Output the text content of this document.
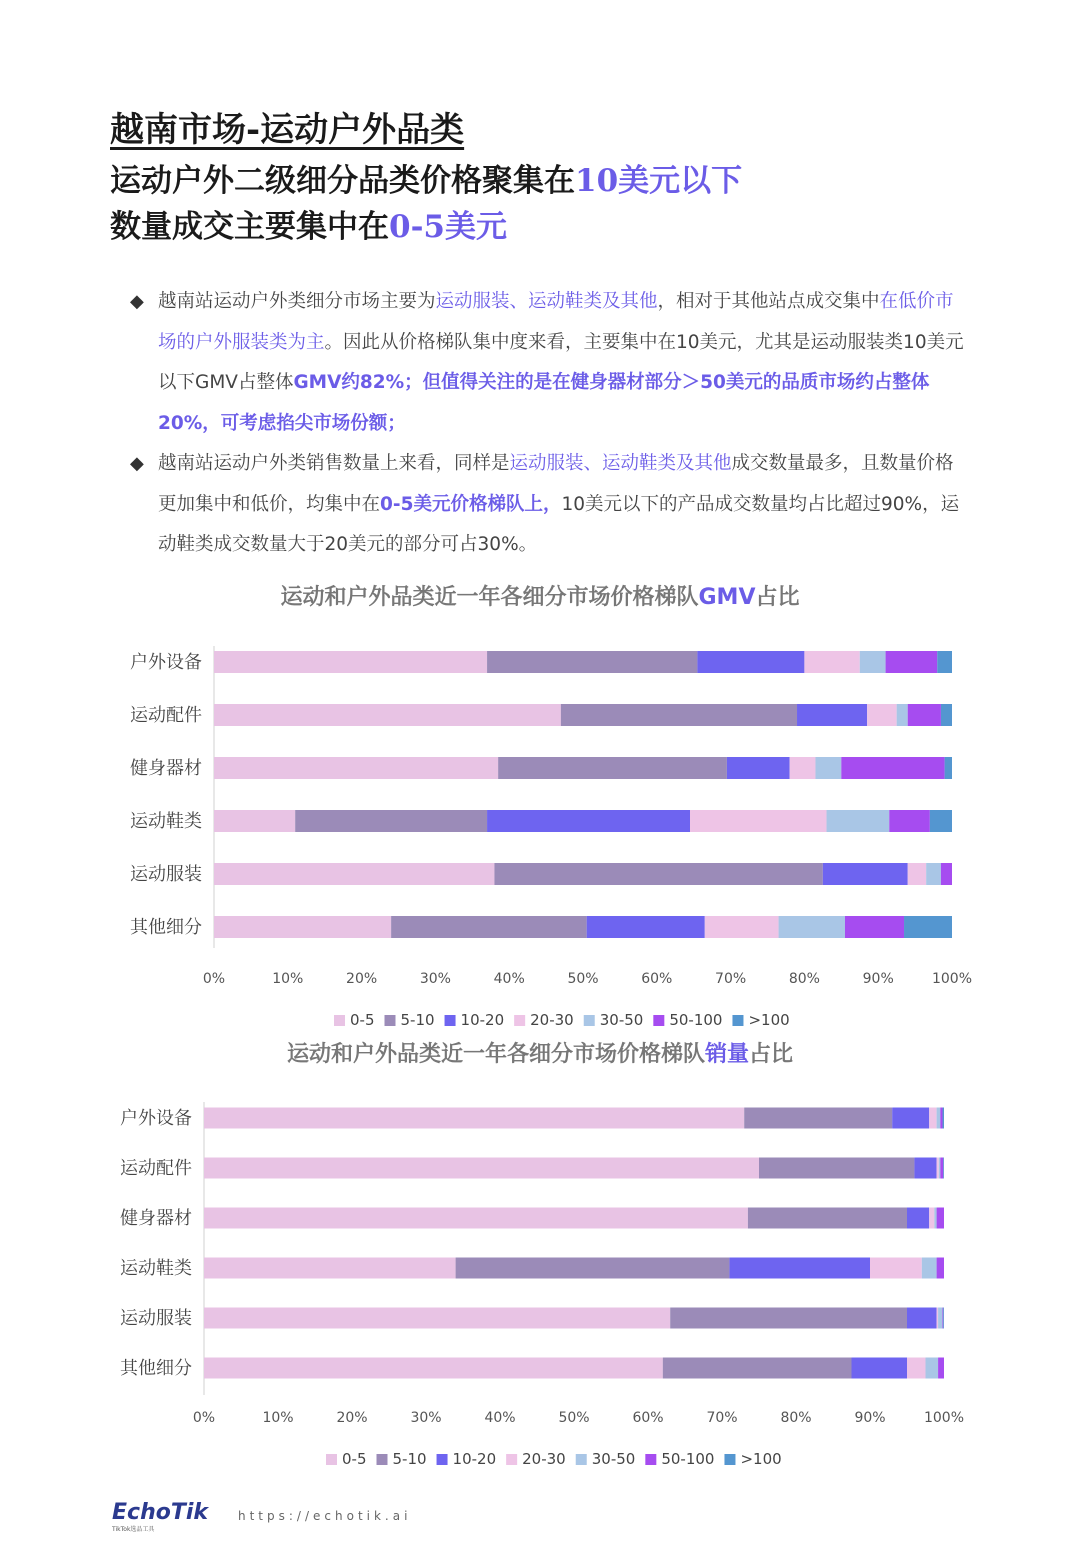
越南市场-运动户外品类

运动户外二级细分品类价格聚集在10美元以下

数量成交主要集中在0-5美元

◆ 越南站运动户外类细分市场主要为运动服装、运动鞋类及其他，相对于其他站点成交集中在低价市场的户外服装类为主。因此从价格梯队集中度来看，主要集中在10美元，尤其是运动服装类10美元以下GMV占整体GMV约82%；但值得关注的是在健身器材部分＞50美元的品质市场约占整体20%，可考虑掐尖市场份额；

◆ 越南站运动户外类销售数量上来看，同样是运动服装、运动鞋类及其他成交数量最多，且数量价格更加集中和低价，均集中在0-5美元价格梯队上，10美元以下的产品成交数量均占比超过90%，运动鞋类成交数量大于20美元的部分可占30%。

运动和户外品类近一年各细分市场价格梯队GMV占比
户外设备
运动配件
健身器材
运动鞋类
运动服装
其他细分
0%	10%	20%	30%	40%	50%	60%	70%	80%	90%	100%
0-5 5-10 10-20 20-30 30-50 50-100 >100
运动和户外品类近一年各细分市场价格梯队销量占比
户外设备
运动配件
健身器材
运动鞋类
运动服装
其他细分
0%	10%	20%	30%	40%	50%	60%	70%	80%	90%	100%
0-5 5-10 10-20 20-30 30-50 50-100 >100
EchoTik
TikTok选品工具
https://echotik.ai
